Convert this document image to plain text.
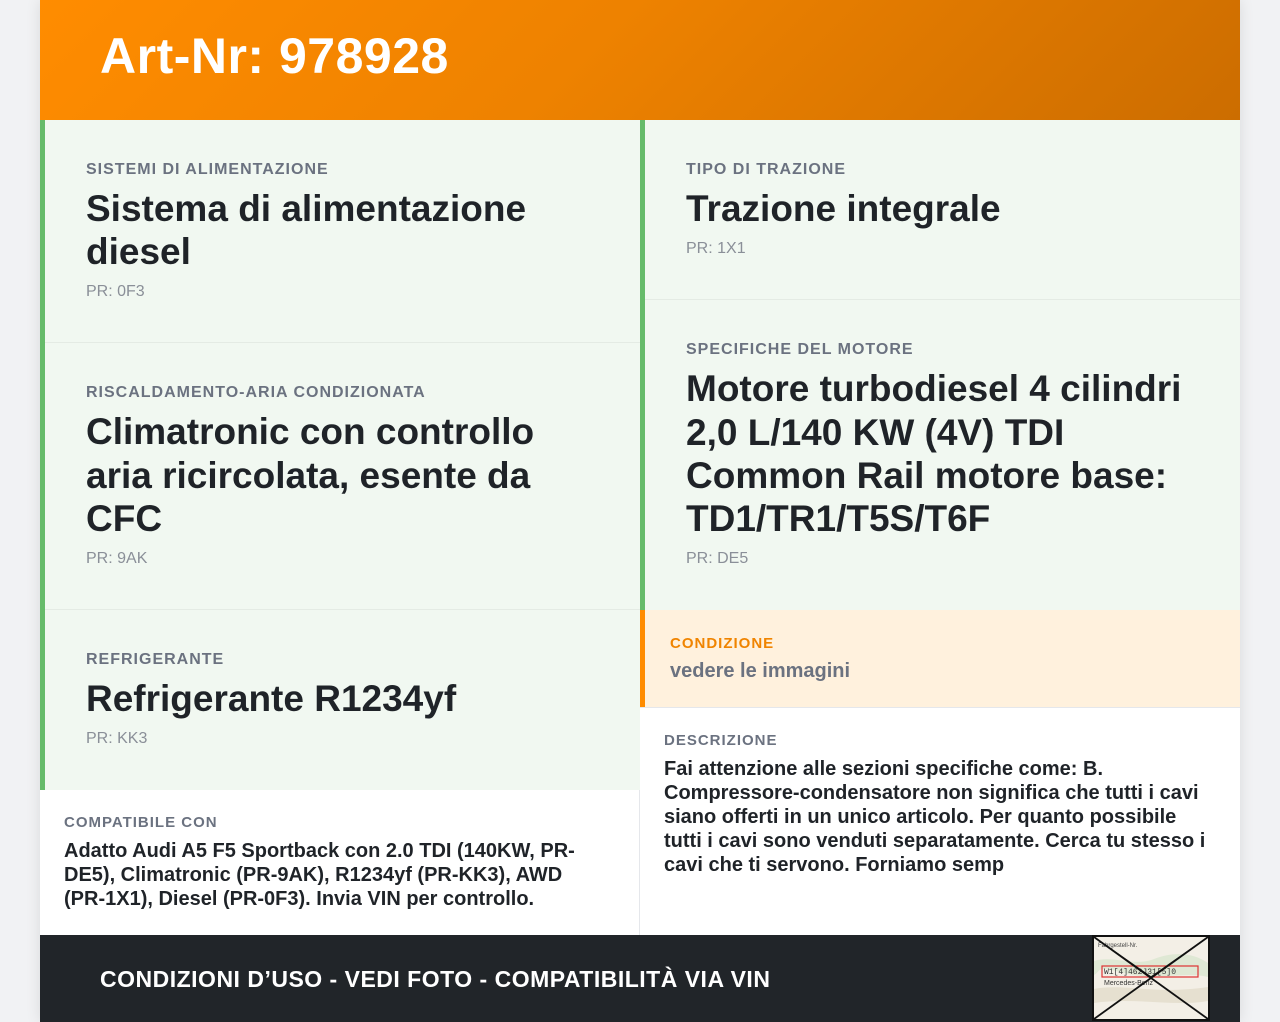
Art-Nr: 978928
SISTEMI DI ALIMENTAZIONE
Sistema di alimentazione
diesel
PR: 0F3
RISCALDAMENTO-ARIA CONDIZIONATA
Climatronic con controllo
aria ricircolata, esente da
CFC
PR: 9AK
REFRIGERANTE
Refrigerante R1234yf
PR: KK3
TIPO DI TRAZIONE
Trazione integrale
PR: 1X1
SPECIFICHE DEL MOTORE
Motore turbodiesel 4 cilindri
2,0 L/140 KW (4V) TDI
Common Rail motore base:
TD1/TR1/T5S/T6F
PR: DE5
CONDIZIONE
vedere le immagini
COMPATIBILE CON
Adatto Audi A5 F5 Sportback con 2.0 TDI (140KW, PR-
DE5), Climatronic (PR-9AK), R1234yf (PR-KK3), AWD
(PR-1X1), Diesel (PR-0F3). Invia VIN per controllo.
DESCRIZIONE
Fai attenzione alle sezioni specifiche come: B.
Compressore-condensatore non significa che tutti i cavi
siano offerti in un unico articolo. Per quanto possibile
tutti i cavi sono venduti separatamente. Cerca tu stesso i
cavi che ti servono. Forniamo semp
CONDIZIONI D’USO - VEDI FOTO - COMPATIBILITÀ VIA VIN
Fahrgestell-Nr.
W1[4]462J31[5]0
Mercedes-Benz
